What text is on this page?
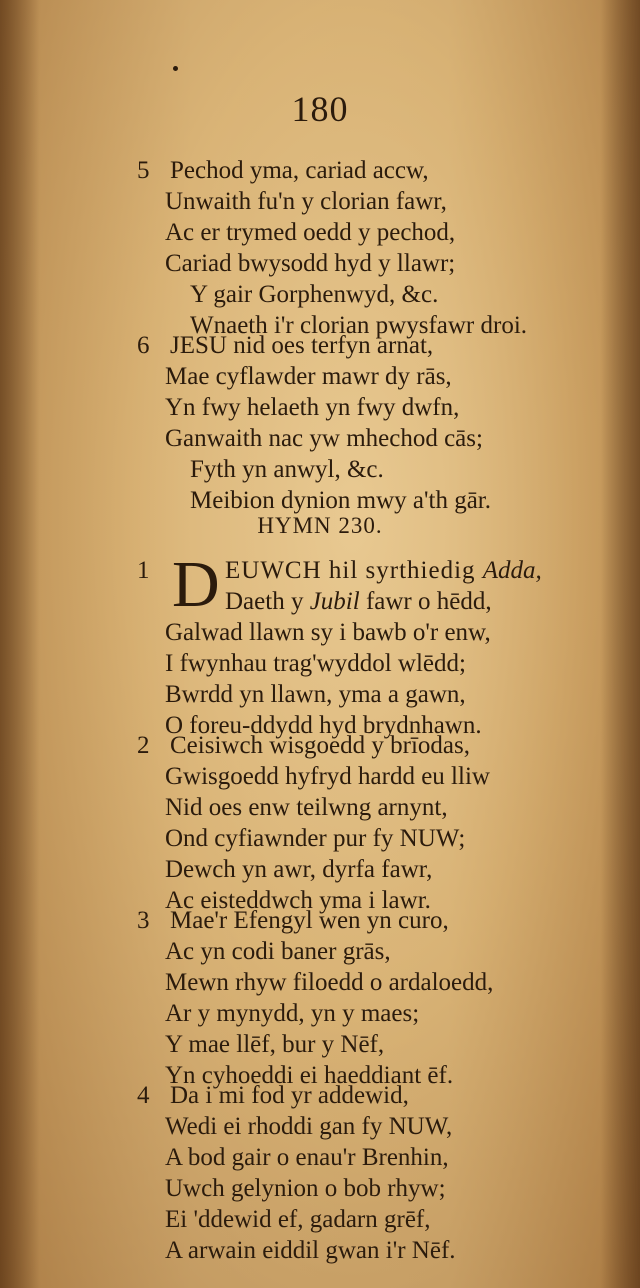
180
5 Pechod yma, cariad accw,
Unwaith fu'n y clorian fawr,
Ac er trymed oedd y pechod,
Cariad bwysodd hyd y llawr;
Y gair Gorphenwyd, &c.
Wnaeth i'r clorian pwysfawr droi.
6 JESU nid oes terfyn arnat,
Mae cyflawder mawr dy rās,
Yn fwy helaeth yn fwy dwfn,
Ganwaith nac yw mhechod cās;
Fyth yn anwyl, &c.
Meibion dynion mwy a'th gār.
HYMN 230.
D
1	EUWCH hil syrthiedig Adda,
Daeth y Jubil fawr o hēdd,
Galwad llawn sy i bawb o'r enw,
I fwynhau trag'wyddol wlēdd;
Bwrdd yn llawn, yma a gawn,
O foreu-ddydd hyd brydnhawn.
2 Ceisiwch wisgoedd y brīodas,
Gwisgoedd hyfryd hardd eu lliw
Nid oes enw teilwng arnynt,
Ond cyfiawnder pur fy NUW;
Dewch yn awr, dyrfa fawr,
Ac eisteddwch yma i lawr.
3 Mae'r Efengyl wen yn curo,
Ac yn codi baner grās,
Mewn rhyw filoedd o ardaloedd,
Ar y mynydd, yn y maes;
Y mae llēf, bur y Nēf,
Yn cyhoeddi ei haeddiant ēf.
4 Da i mi fod yr addewid,
Wedi ei rhoddi gan fy NUW,
A bod gair o enau'r Brenhin,
Uwch gelynion o bob rhyw;
Ei 'ddewid ef, gadarn grēf,
A arwain eiddil gwan i'r Nēf.
